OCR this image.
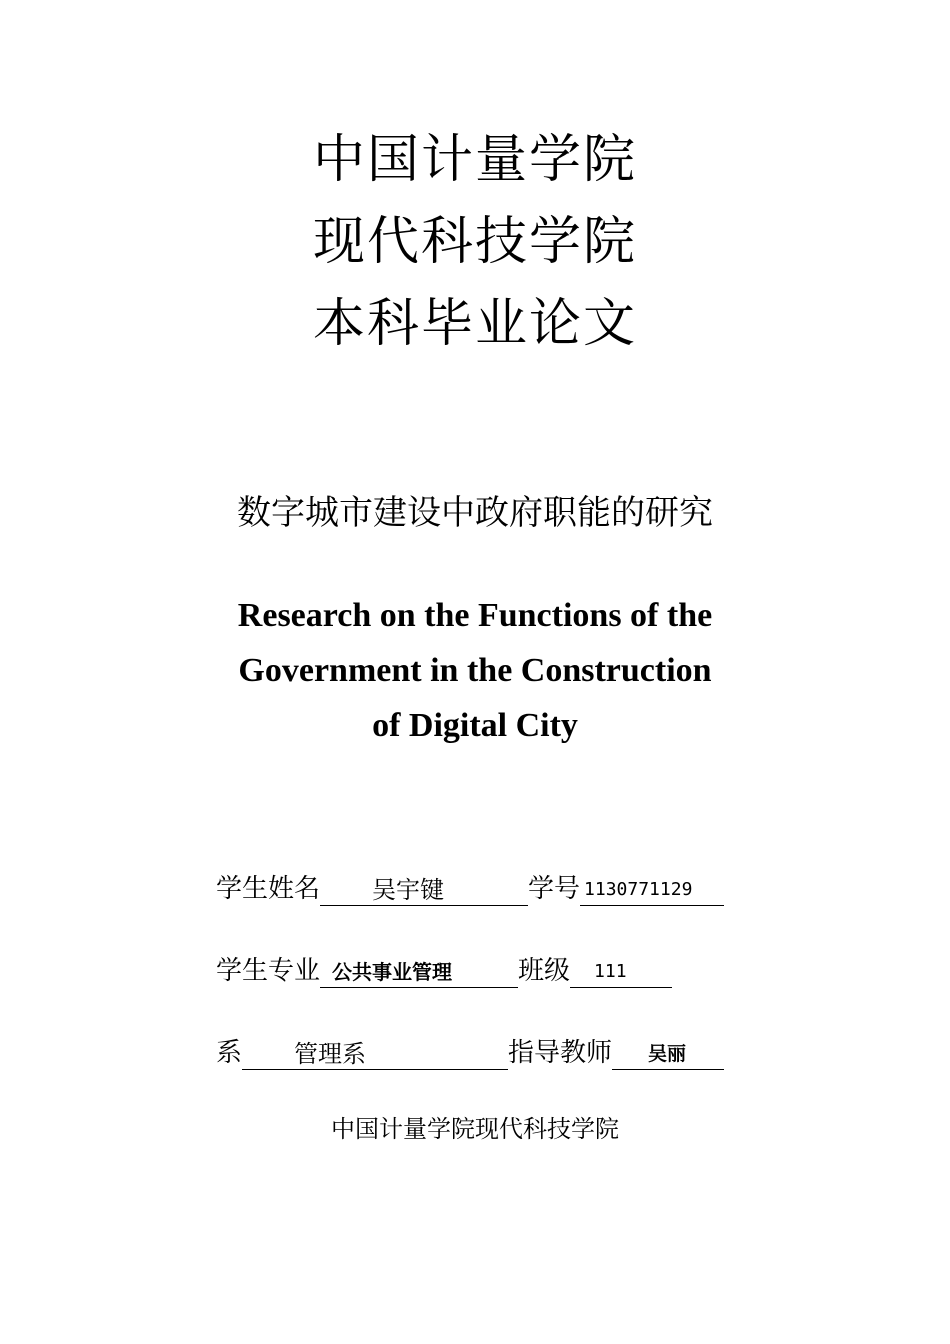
中国计量学院
现代科技学院
本科毕业论文
数字城市建设中政府职能的研究
Research on the Functions of the
Government in the Construction
of Digital City
学生姓名	吴宇键	学号 1130771129
学生专业 公共事业管理	班级	111
系	管理系	指导教师	吴丽
中国计量学院现代科技学院
